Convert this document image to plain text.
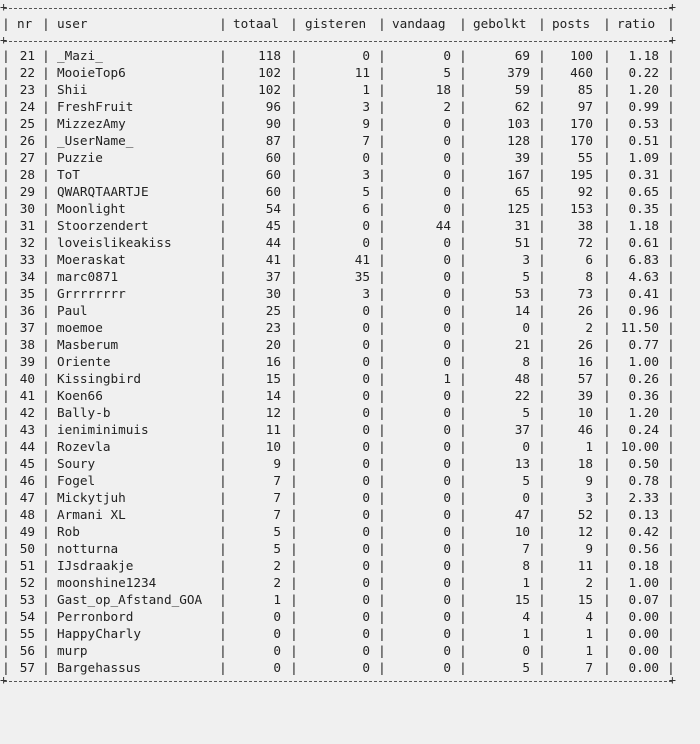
+ +
|	|	|	|	|	|	|	|	|
nr	user	totaal	gisteren	vandaag	gebolkt	posts	ratio
+ +
|	|	|	|	|	|	|	|	|
21 _Mazi_	118	0	0	69	100	1.18
|	|	|	|	|	|	|	|	|
22 MooieTop6	102	11	5	379	460	0.22
|	|	|	|	|	|	|	|	|
23 Shii	102	1	18	59	85	1.20
|	|	|	|	|	|	|	|	|
24 FreshFruit	96	3	2	62	97	0.99
|	|	|	|	|	|	|	|	|
25 MizzezAmy	90	9	0	103	170	0.53
|	|	|	|	|	|	|	|	|
26 _UserName_	87	7	0	128	170	0.51
|	|	|	|	|	|	|	|	|
27 Puzzie	60	0	0	39	55	1.09
|	|	|	|	|	|	|	|	|
28 ToT	60	3	0	167	195	0.31
|	|	|	|	|	|	|	|	|
29 QWARQTAARTJE	60	5	0	65	92	0.65
|	|	|	|	|	|	|	|	|
30 Moonlight	54	6	0	125	153	0.35
|	|	|	|	|	|	|	|	|
31 Stoorzendert	45	0	44	31	38	1.18
|	|	|	|	|	|	|	|	|
32 loveislikeakiss	44	0	0	51	72	0.61
|	|	|	|	|	|	|	|	|
33 Moeraskat	41	41	0	3	6	6.83
|	|	|	|	|	|	|	|	|
34 marc0871	37	35	0	5	8	4.63
|	|	|	|	|	|	|	|	|
35 Grrrrrrrr	30	3	0	53	73	0.41
|	|	|	|	|	|	|	|	|
36 Paul	25	0	0	14	26	0.96
|	|	|	|	|	|	|	|	|
37 moemoe	23	0	0	0	2	11.50
|	|	|	|	|	|	|	|	|
38 Masberum	20	0	0	21	26	0.77
|	|	|	|	|	|	|	|	|
39 Oriente	16	0	0	8	16	1.00
|	|	|	|	|	|	|	|	|
40 Kissingbird	15	0	1	48	57	0.26
|	|	|	|	|	|	|	|	|
41 Koen66	14	0	0	22	39	0.36
|	|	|	|	|	|	|	|	|
42 Bally-b	12	0	0	5	10	1.20
|	|	|	|	|	|	|	|	|
43 ieniminimuis	11	0	0	37	46	0.24
|	|	|	|	|	|	|	|	|
44 Rozevla	10	0	0	0	1	10.00
|	|	|	|	|	|	|	|	|
45 Soury	9	0	0	13	18	0.50
|	|	|	|	|	|	|	|	|
46 Fogel	7	0	0	5	9	0.78
|	|	|	|	|	|	|	|	|
47 Mickytjuh	7	0	0	0	3	2.33
|	|	|	|	|	|	|	|	|
48 Armani XL	7	0	0	47	52	0.13
|	|	|	|	|	|	|	|	|
49 Rob	5	0	0	10	12	0.42
|	|	|	|	|	|	|	|	|
50 notturna	5	0	0	7	9	0.56
|	|	|	|	|	|	|	|	|
51 IJsdraakje	2	0	0	8	11	0.18
|	|	|	|	|	|	|	|	|
52 moonshine1234	2	0	0	1	2	1.00
|	|	|	|	|	|	|	|	|
53 Gast_op_Afstand_GOA	1	0	0	15	15	0.07
|	|	|	|	|	|	|	|	|
54 Perronbord	0	0	0	4	4	0.00
|	|	|	|	|	|	|	|	|
55 HappyCharly	0	0	0	1	1	0.00
|	|	|	|	|	|	|	|	|
56 murp	0	0	0	0	1	0.00
|	|	|	|	|	|	|	|	|
57 Bargehassus	0	0	0	5	7	0.00
+ +
